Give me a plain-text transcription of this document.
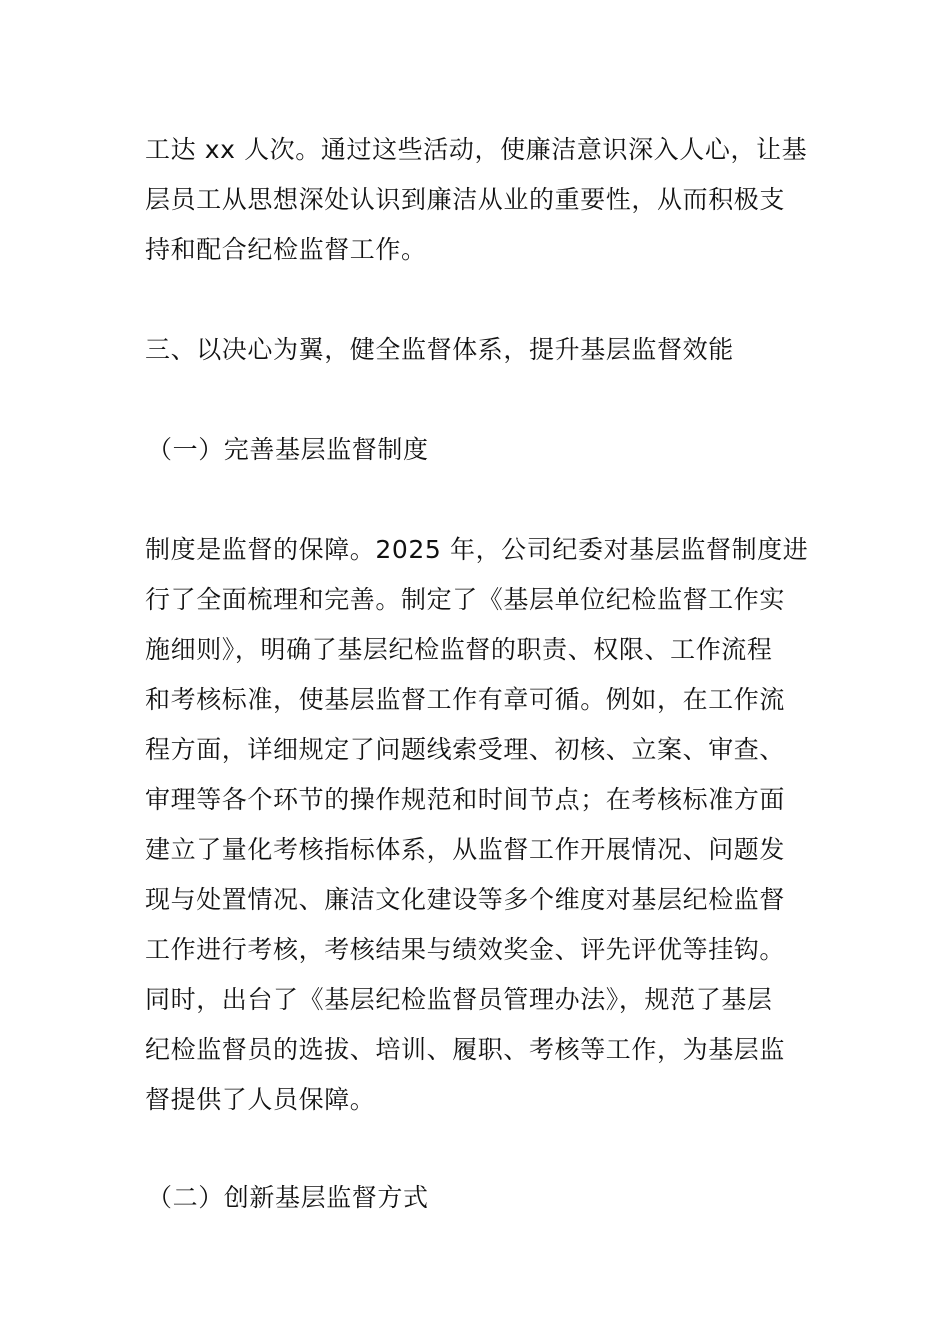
工达 xx 人次。通过这些活动，使廉洁意识深入人心，让基
层员工从思想深处认识到廉洁从业的重要性，从而积极支
持和配合纪检监督工作。
三、以决心为翼，健全监督体系，提升基层监督效能
（一）完善基层监督制度
制度是监督的保障。2025 年，公司纪委对基层监督制度进
行了全面梳理和完善。制定了《基层单位纪检监督工作实
施细则》，明确了基层纪检监督的职责、权限、工作流程
和考核标准，使基层监督工作有章可循。例如，在工作流
程方面，详细规定了问题线索受理、初核、立案、审查、
审理等各个环节的操作规范和时间节点；在考核标准方面
建立了量化考核指标体系，从监督工作开展情况、问题发
现与处置情况、廉洁文化建设等多个维度对基层纪检监督
工作进行考核，考核结果与绩效奖金、评先评优等挂钩。
同时，出台了《基层纪检监督员管理办法》，规范了基层
纪检监督员的选拔、培训、履职、考核等工作，为基层监
督提供了人员保障。
（二）创新基层监督方式
